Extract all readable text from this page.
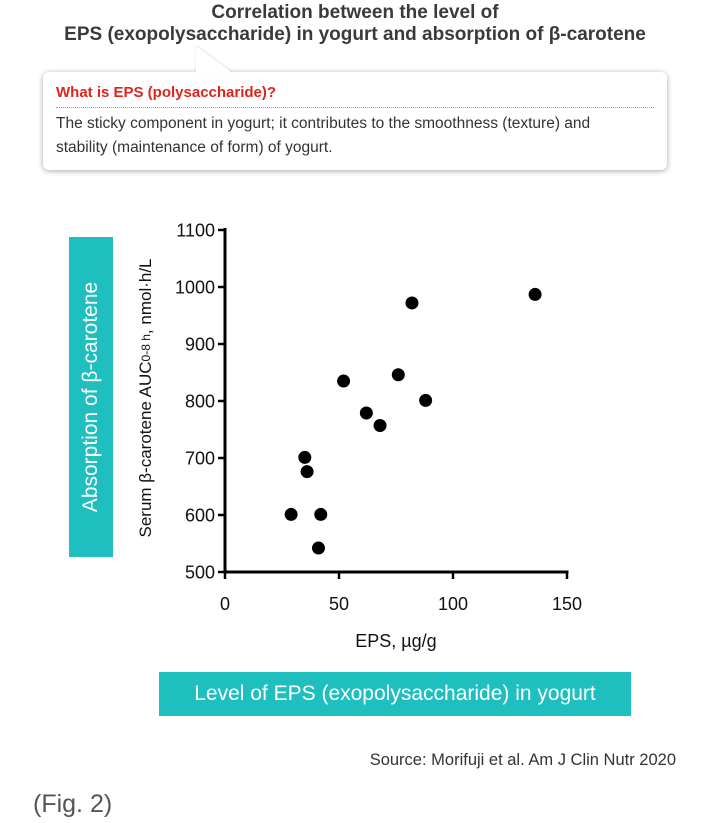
Correlation between the level of
EPS (exopolysaccharide) in yogurt and absorption of β-carotene
What is EPS (polysaccharide)?
The sticky component in yogurt; it contributes to the smoothness (texture) and
stability (maintenance of form) of yogurt.
Absorption of β-carotene
500
600
700
800
900
1000
1100
0	50	100	150
Serum β-carotene AUC0-8 h, nmol·h/L
EPS, µg/g
Level of EPS (exopolysaccharide) in yogurt
Source: Morifuji et al. Am J Clin Nutr 2020
(Fig. 2)
